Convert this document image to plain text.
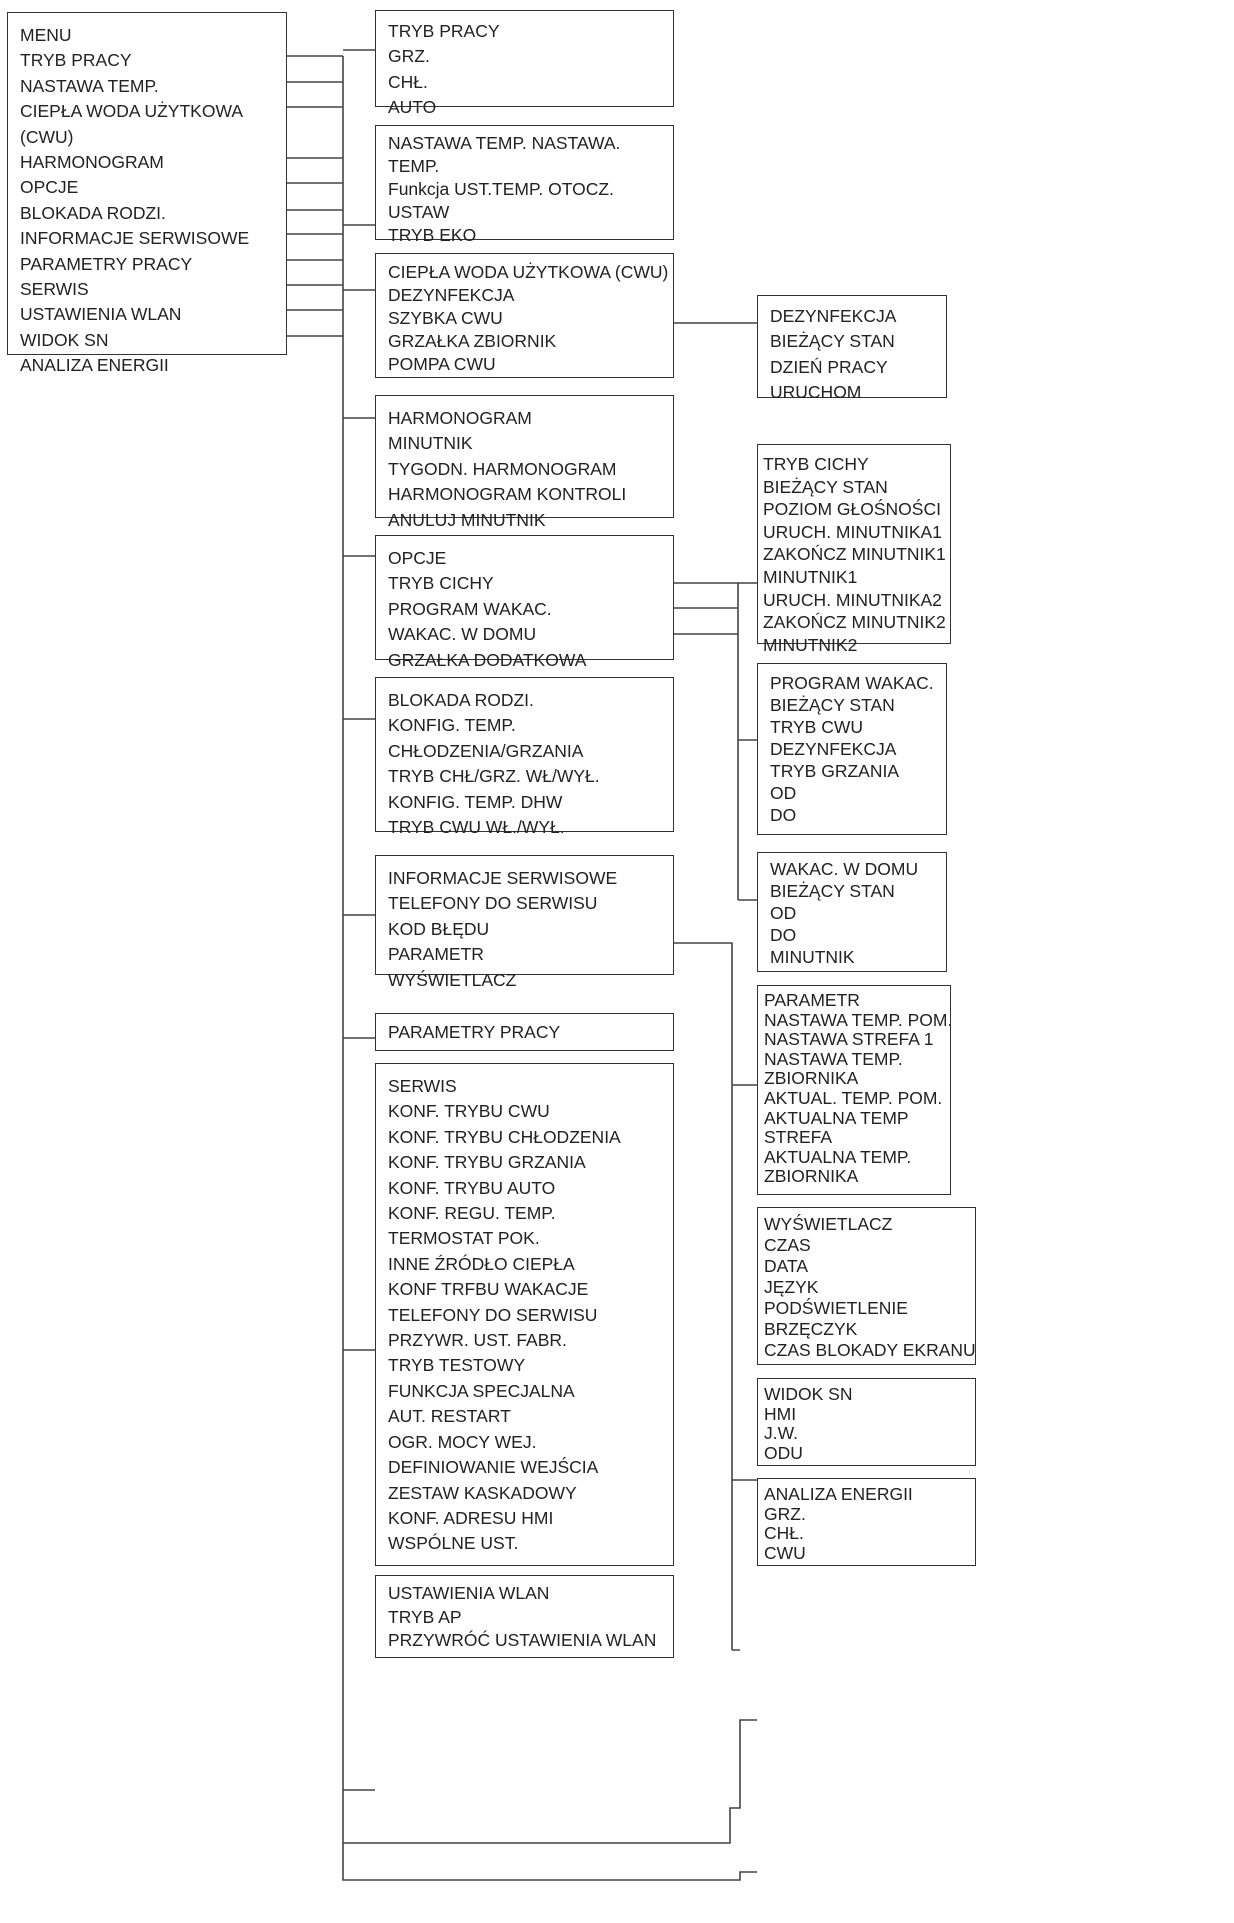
MENU
TRYB PRACY
NASTAWA TEMP.
CIEPŁA WODA UŻYTKOWA
(CWU)
HARMONOGRAM
OPCJE
BLOKADA RODZI.
INFORMACJE SERWISOWE
PARAMETRY PRACY
SERWIS
USTAWIENIA WLAN
WIDOK SN
ANALIZA ENERGII
TRYB PRACY
GRZ.
CHŁ.
AUTO
NASTAWA TEMP. NASTAWA.
TEMP.
Funkcja UST.TEMP. OTOCZ.
USTAW
TRYB EKO
CIEPŁA WODA UŻYTKOWA (CWU)
DEZYNFEKCJA
SZYBKA CWU
GRZAŁKA ZBIORNIK
POMPA CWU
HARMONOGRAM
MINUTNIK
TYGODN. HARMONOGRAM
HARMONOGRAM KONTROLI
ANULUJ MINUTNIK
OPCJE
TRYB CICHY
PROGRAM WAKAC.
WAKAC. W DOMU
GRZAŁKA DODATKOWA
BLOKADA RODZI.
KONFIG. TEMP.
CHŁODZENIA/GRZANIA
TRYB CHŁ/GRZ. WŁ/WYŁ.
KONFIG. TEMP. DHW
TRYB CWU WŁ./WYŁ.
INFORMACJE SERWISOWE
TELEFONY DO SERWISU
KOD BŁĘDU
PARAMETR
WYŚWIETLACZ
PARAMETRY PRACY
SERWIS
KONF. TRYBU CWU
KONF. TRYBU CHŁODZENIA
KONF. TRYBU GRZANIA
KONF. TRYBU AUTO
KONF. REGU. TEMP.
TERMOSTAT POK.
INNE ŹRÓDŁO CIEPŁA
KONF TRFBU WAKACJE
TELEFONY DO SERWISU
PRZYWR. UST. FABR.
TRYB TESTOWY
FUNKCJA SPECJALNA
AUT. RESTART
OGR. MOCY WEJ.
DEFINIOWANIE WEJŚCIA
ZESTAW KASKADOWY
KONF. ADRESU HMI
WSPÓLNE UST.
USTAWIENIA WLAN
TRYB AP
PRZYWRÓĆ USTAWIENIA WLAN
DEZYNFEKCJA
BIEŻĄCY STAN
DZIEŃ PRACY
URUCHOM
TRYB CICHY
BIEŻĄCY STAN
POZIOM GŁOŚNOŚCI
URUCH. MINUTNIKA1
ZAKOŃCZ MINUTNIK1
MINUTNIK1
URUCH. MINUTNIKA2
ZAKOŃCZ MINUTNIK2
MINUTNIK2
PROGRAM WAKAC.
BIEŻĄCY STAN
TRYB CWU
DEZYNFEKCJA
TRYB GRZANIA
OD
DO
WAKAC. W DOMU
BIEŻĄCY STAN
OD
DO
MINUTNIK
PARAMETR
NASTAWA TEMP. POM.
NASTAWA STREFA 1
NASTAWA TEMP.
ZBIORNIKA
AKTUAL. TEMP. POM.
AKTUALNA TEMP
STREFA
AKTUALNA TEMP.
ZBIORNIKA
WYŚWIETLACZ
CZAS
DATA
JĘZYK
PODŚWIETLENIE
BRZĘCZYK
CZAS BLOKADY EKRANU
WIDOK SN
HMI
J.W.
ODU
ANALIZA ENERGII
GRZ.
CHŁ.
CWU
